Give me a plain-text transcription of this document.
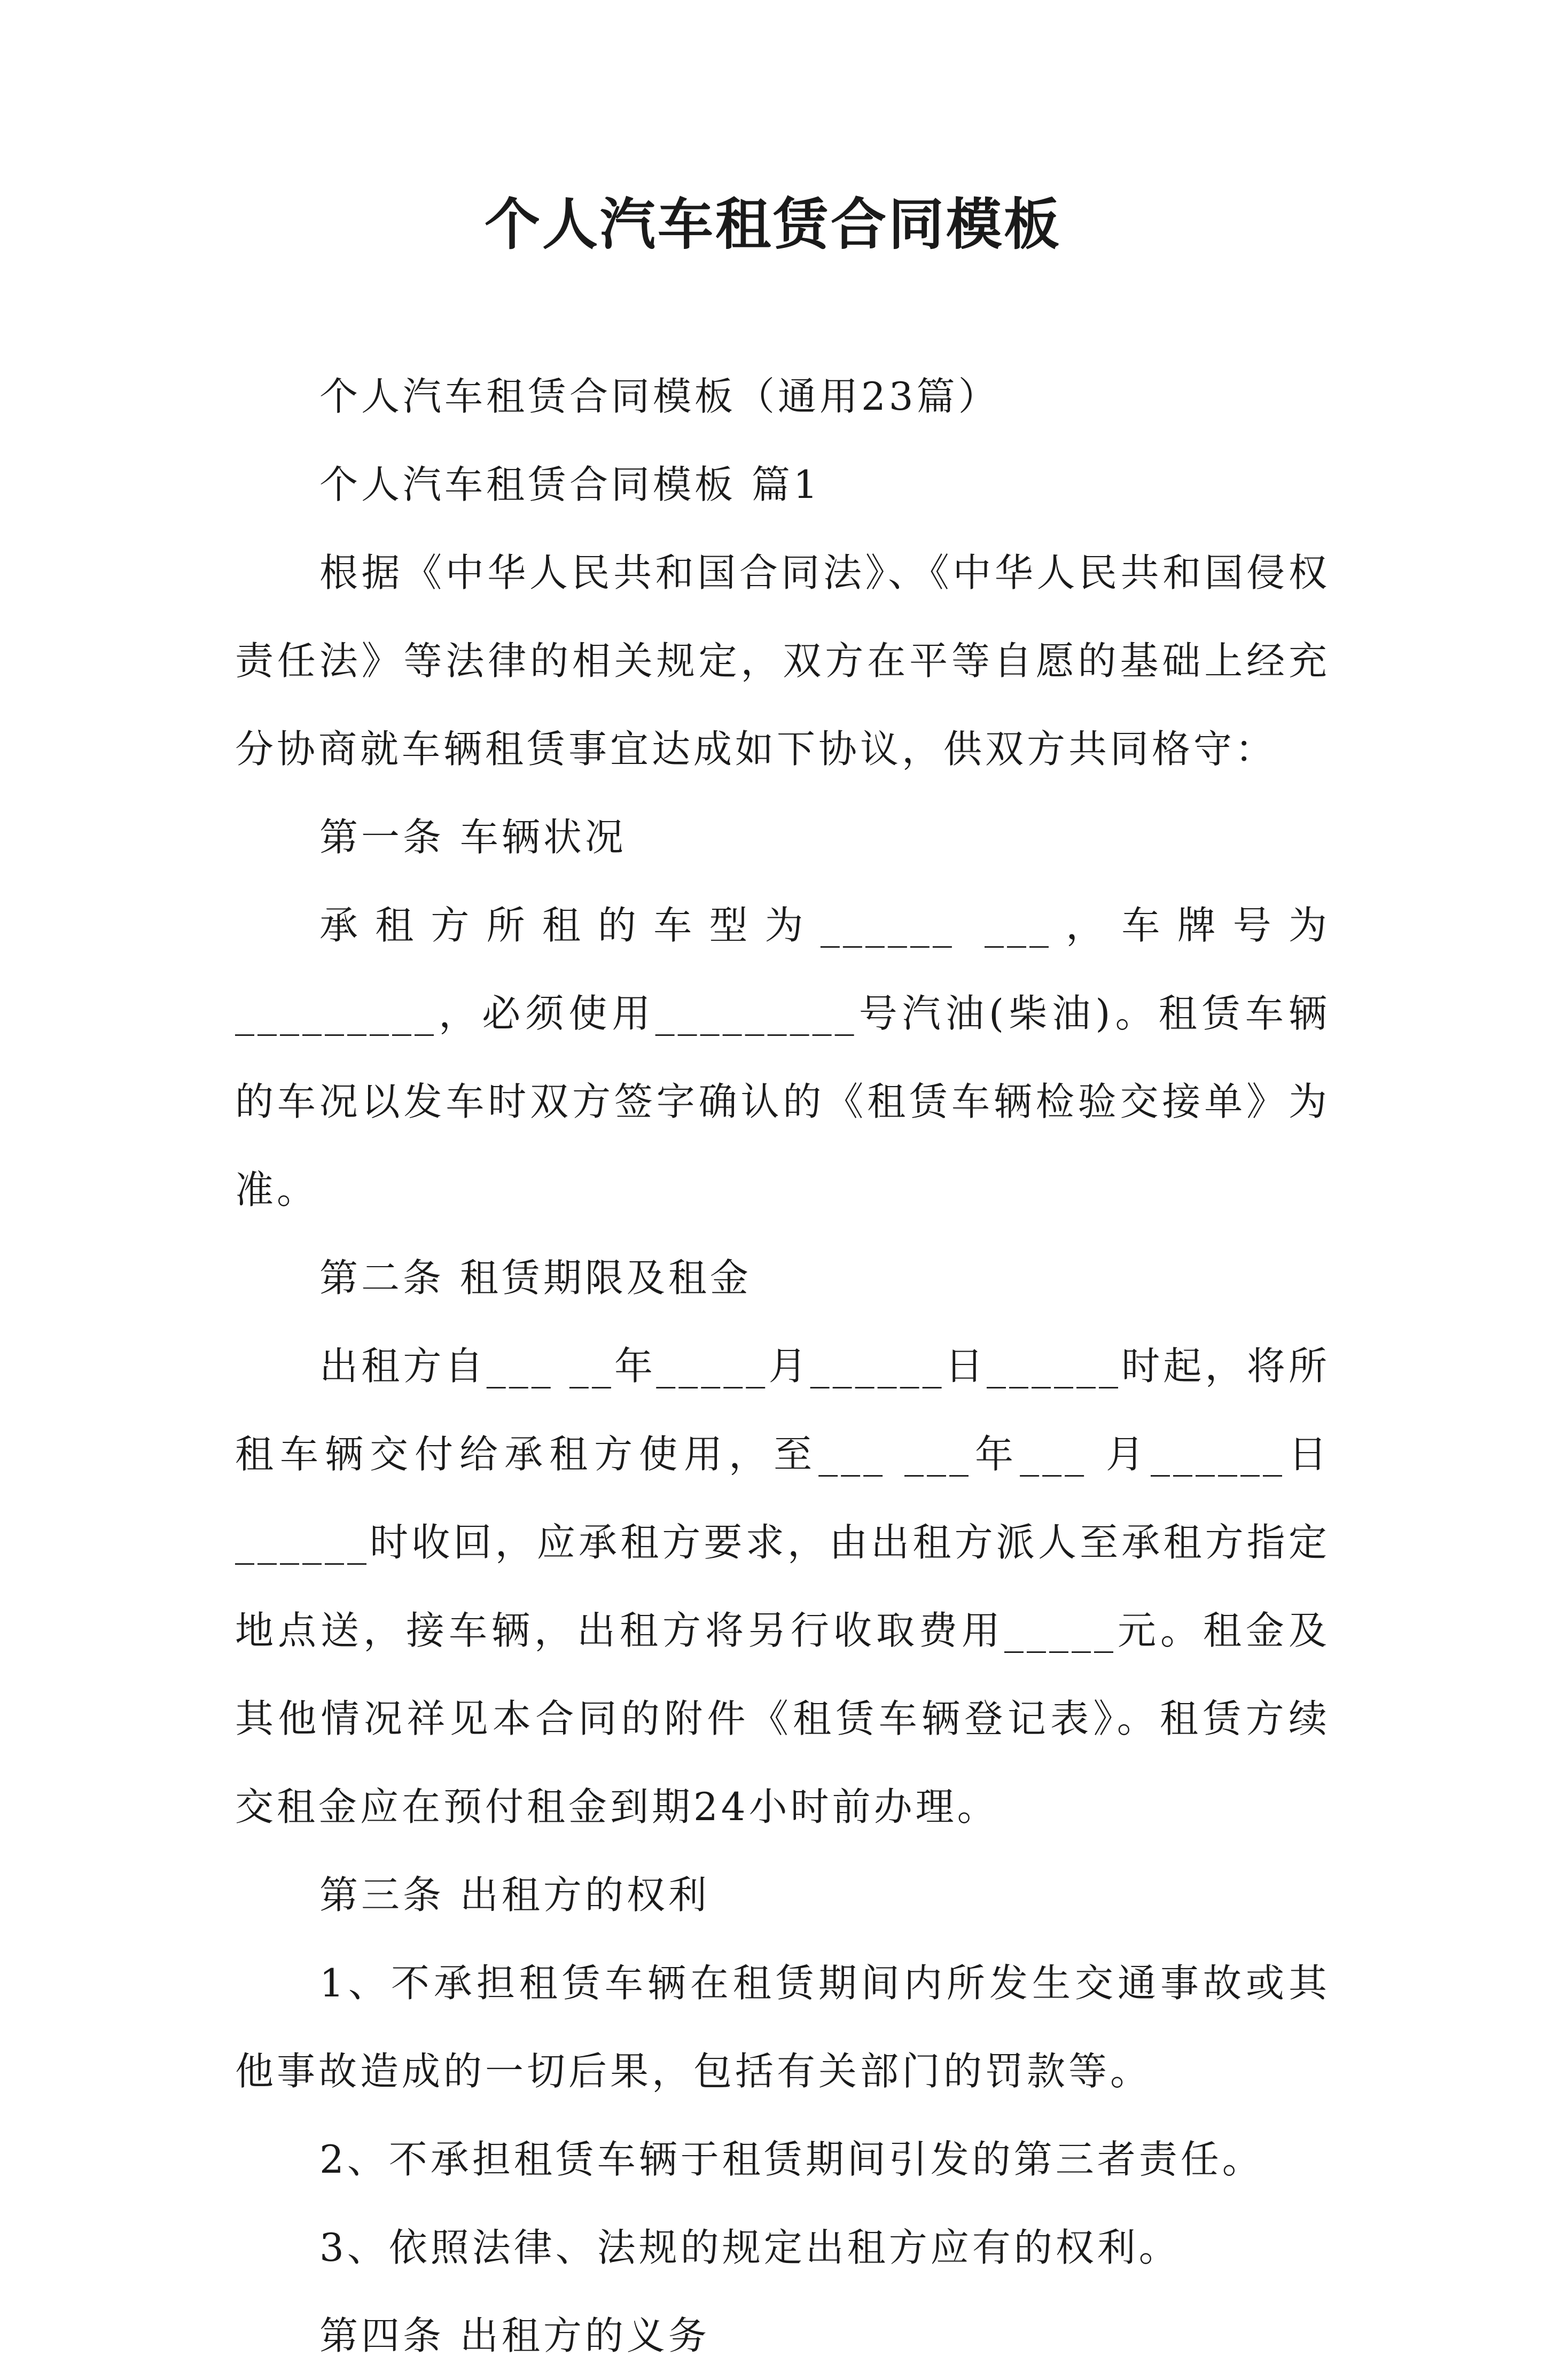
个人汽车租赁合同模板

个人汽车租赁合同模板（通用23篇）

个人汽车租赁合同模板 篇1

根据《中华人民共和国合同法》、《中华人民共和国侵权责任法》等法律的相关规定，双方在平等自愿的基础上经充分协商就车辆租赁事宜达成如下协议，供双方共同格守：

第一条 车辆状况

承租方所租的车型为______ ___，车牌号为_________，必须使用_________号汽油(柴油)。租赁车辆的车况以发车时双方签字确认的《租赁车辆检验交接单》为准。

第二条 租赁期限及租金

出租方自___ __年_____月______日______时起，将所租车辆交付给承租方使用，至___ ___年___ 月______日______时收回，应承租方要求，由出租方派人至承租方指定地点送，接车辆，出租方将另行收取费用_____元。租金及其他情况祥见本合同的附件《租赁车辆登记表》。租赁方续交租金应在预付租金到期24小时前办理。

第三条 出租方的权利

1、不承担租赁车辆在租赁期间内所发生交通事故或其他事故造成的一切后果，包括有关部门的罚款等。

2、不承担租赁车辆于租赁期间引发的第三者责任。

3、依照法律、法规的规定出租方应有的权利。

第四条 出租方的义务
